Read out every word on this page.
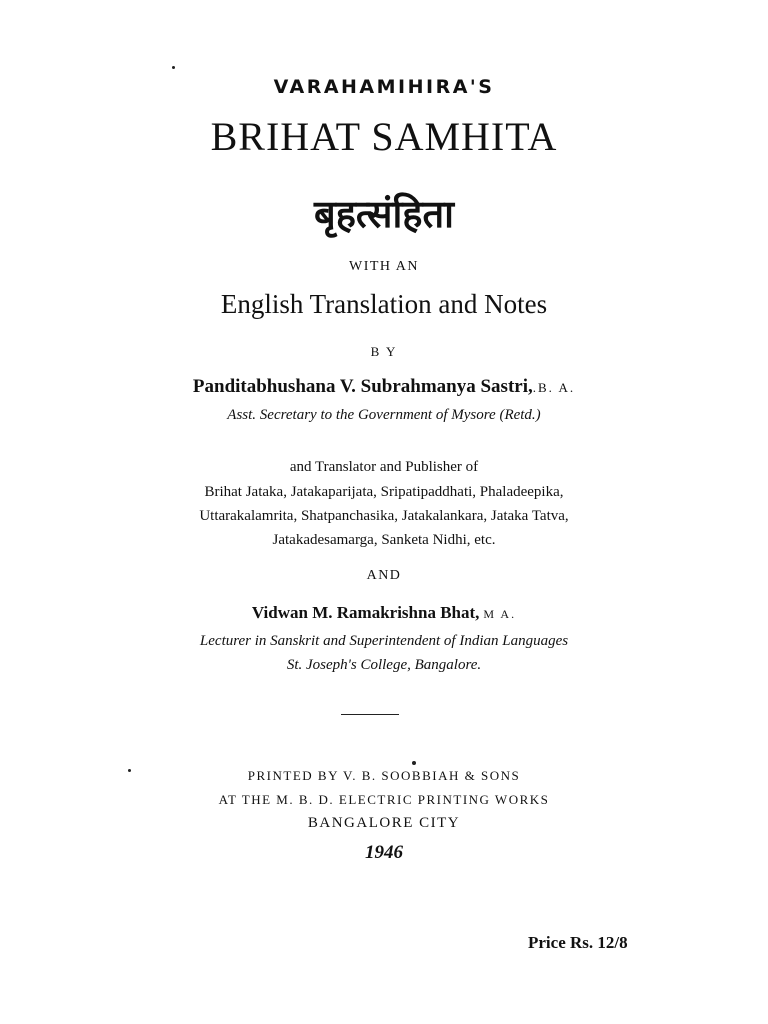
VARAHAMIHIRA'S
BRIHAT SAMHITA
बृहत्संहिता
WITH AN
English Translation and Notes
B Y
Panditabhushana V. Subrahmanya Sastri,.B. A.
Asst. Secretary to the Government of Mysore (Retd.)
and Translator and Publisher of
Brihat Jataka, Jatakaparijata, Sripatipaddhati, Phaladeepika,
Uttarakalamrita, Shatpanchasika, Jatakalankara, Jataka Tatva,
Jatakadesamarga, Sanketa Nidhi, etc.
AND
Vidwan M. Ramakrishna Bhat, M A.
Lecturer in Sanskrit and Superintendent of Indian Languages
St. Joseph's College, Bangalore.
PRINTED BY V. B. SOOBBIAH & SONS
AT THE M. B. D. ELECTRIC PRINTING WORKS
BANGALORE CITY
1946
Price Rs. 12/8
